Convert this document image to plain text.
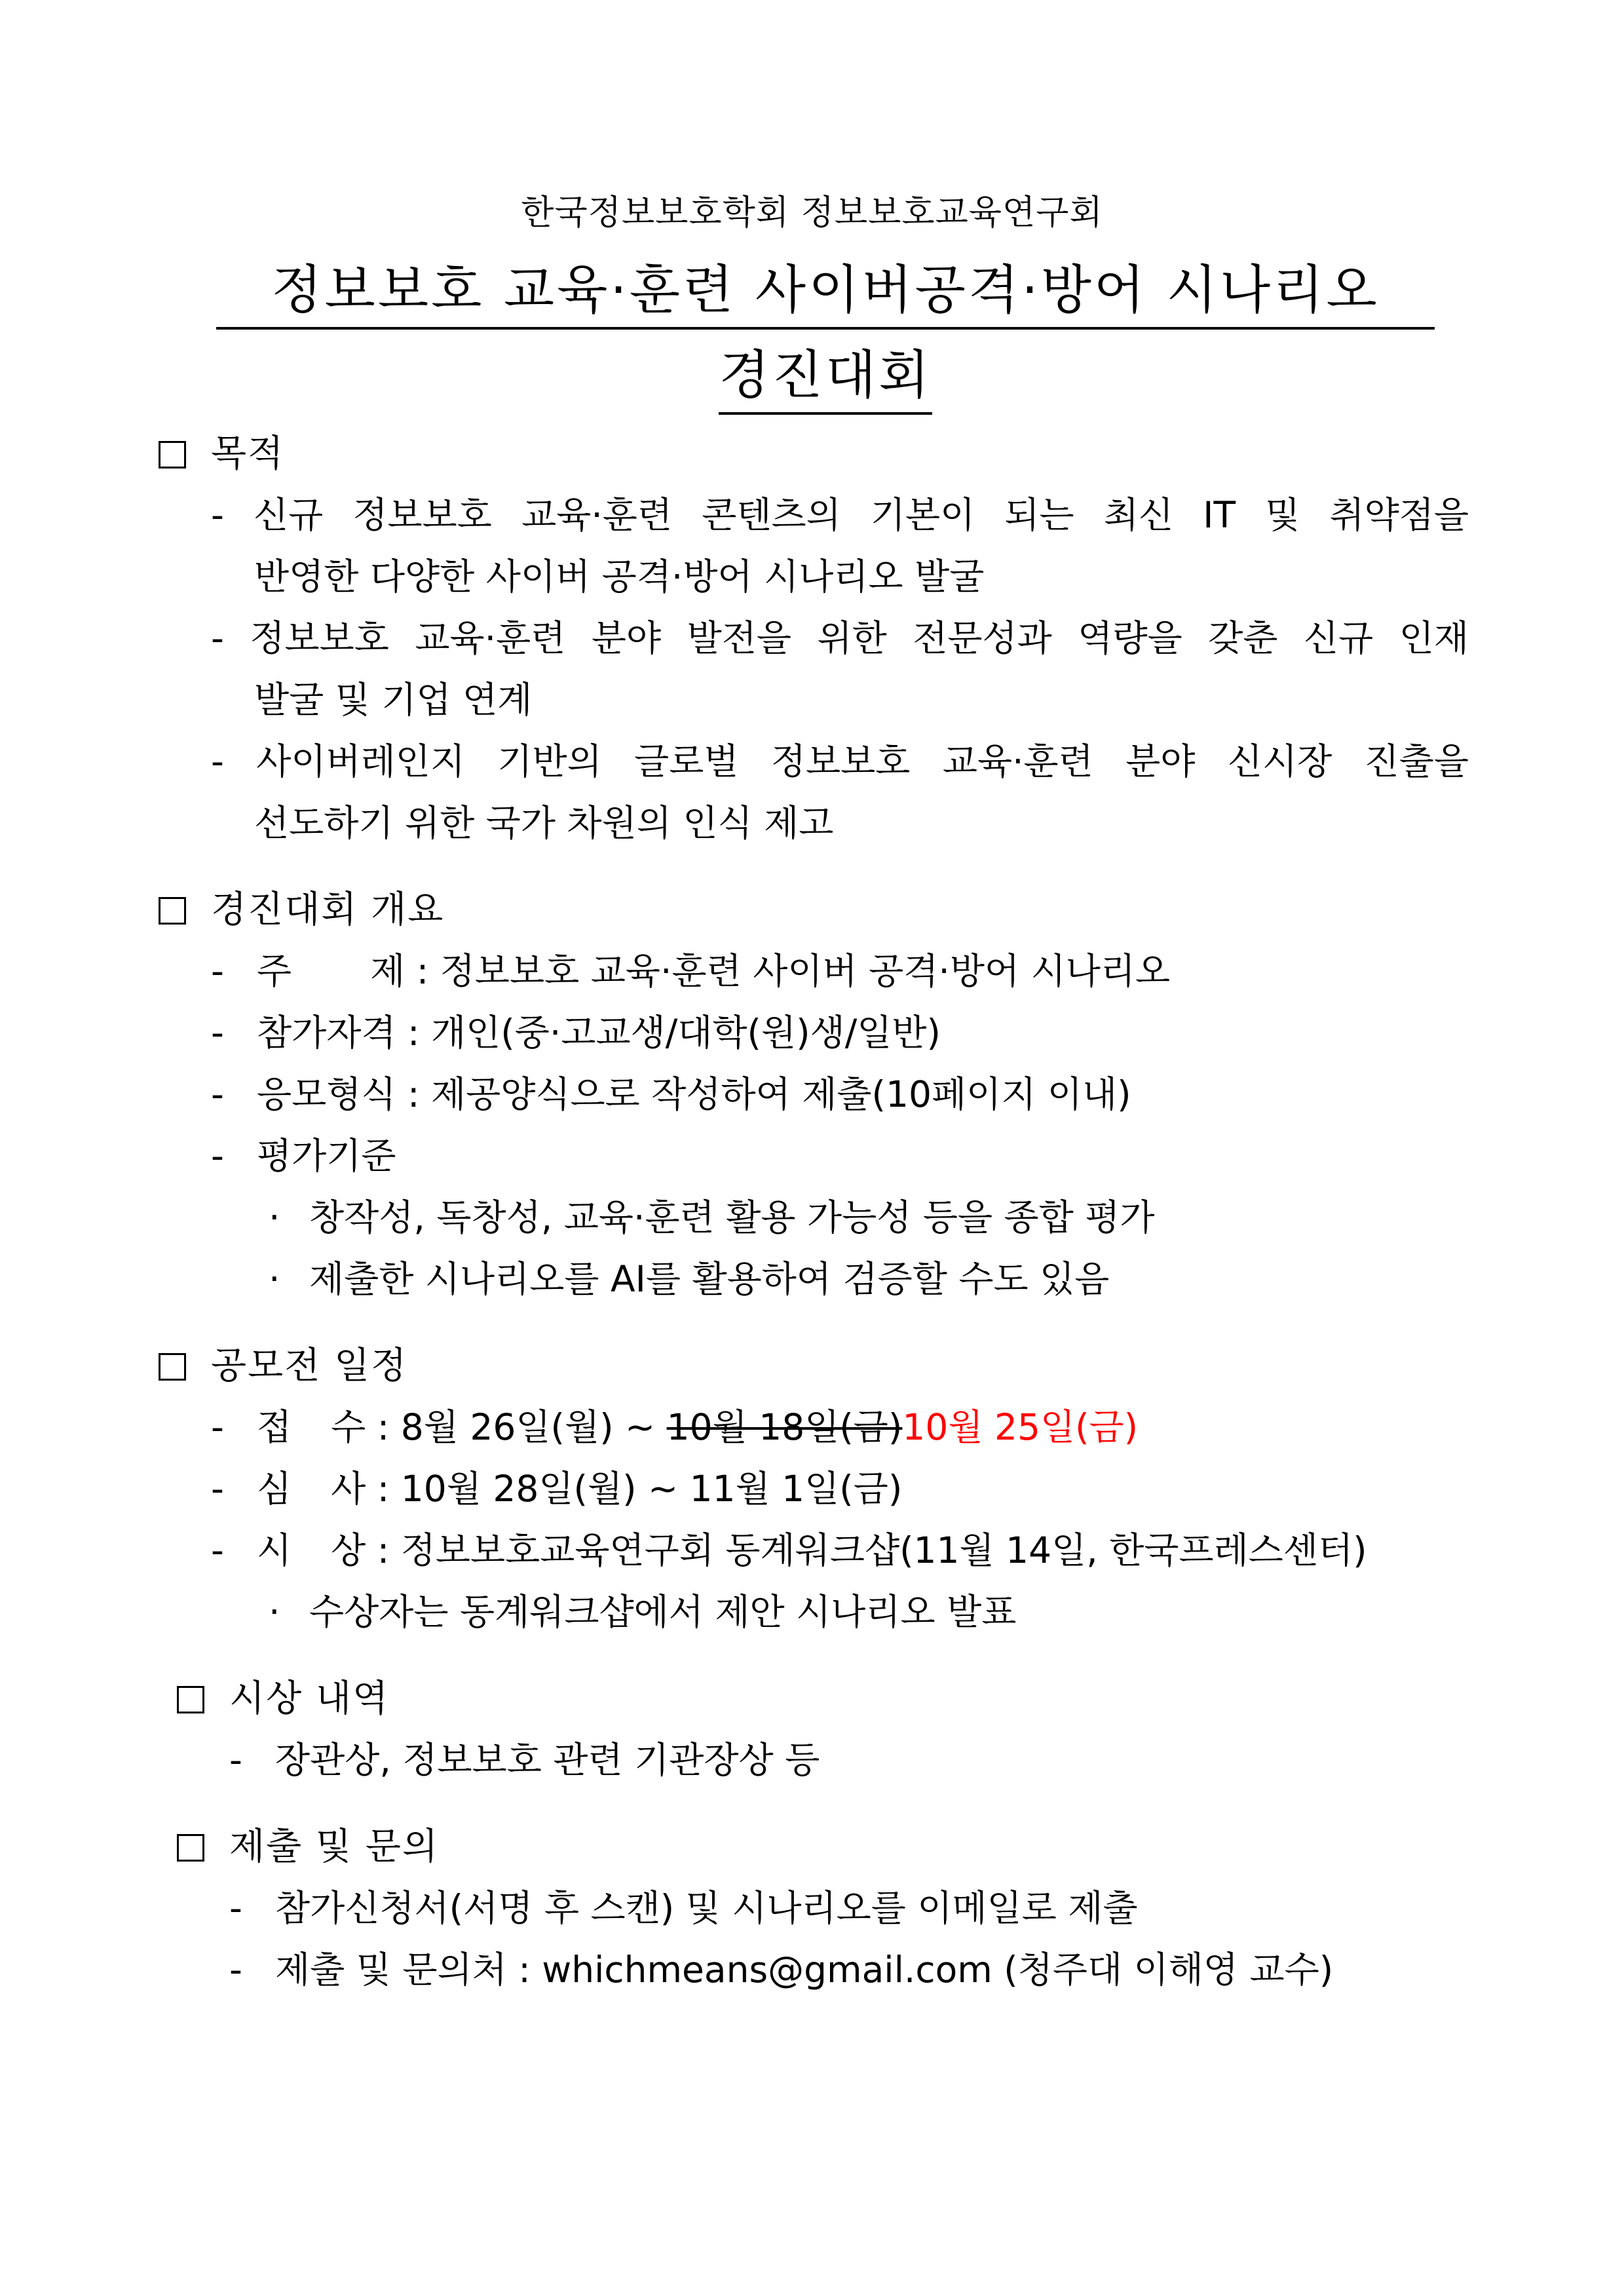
한국정보보호학회 정보보호교육연구회
정보보호 교육·훈련 사이버공격·방어 시나리오
경진대회
목적
- 신규 정보보호 교육·훈련 콘텐츠의 기본이 되는 최신 IT 및 취약점을
반영한 다양한 사이버 공격·방어 시나리오 발굴
- 정보보호 교육·훈련 분야 발전을 위한 전문성과 역량을 갖춘 신규 인재
발굴 및 기업 연계
- 사이버레인지 기반의 글로벌 정보보호 교육·훈련 분야 신시장 진출을
선도하기 위한 국가 차원의 인식 제고
경진대회 개요
- 주 제 : 정보보호 교육·훈련 사이버 공격·방어 시나리오
- 참가자격 : 개인(중·고교생/대학(원)생/일반)
- 응모형식 : 제공양식으로 작성하여 제출(10페이지 이내)
- 평가기준
· 창작성, 독창성, 교육·훈련 활용 가능성 등을 종합 평가
· 제출한 시나리오를 AI를 활용하여 검증할 수도 있음
공모전 일정
- 접 수 : 8월 26일(월) ~ 10월 18일(금)10월 25일(금)
- 심 사 : 10월 28일(월) ~ 11월 1일(금)
- 시 상 : 정보보호교육연구회 동계워크샵(11월 14일, 한국프레스센터)
· 수상자는 동계워크샵에서 제안 시나리오 발표
시상 내역
- 장관상, 정보보호 관련 기관장상 등
제출 및 문의
- 참가신청서(서명 후 스캔) 및 시나리오를 이메일로 제출
- 제출 및 문의처 : whichmeans@gmail.com (청주대 이해영 교수)
